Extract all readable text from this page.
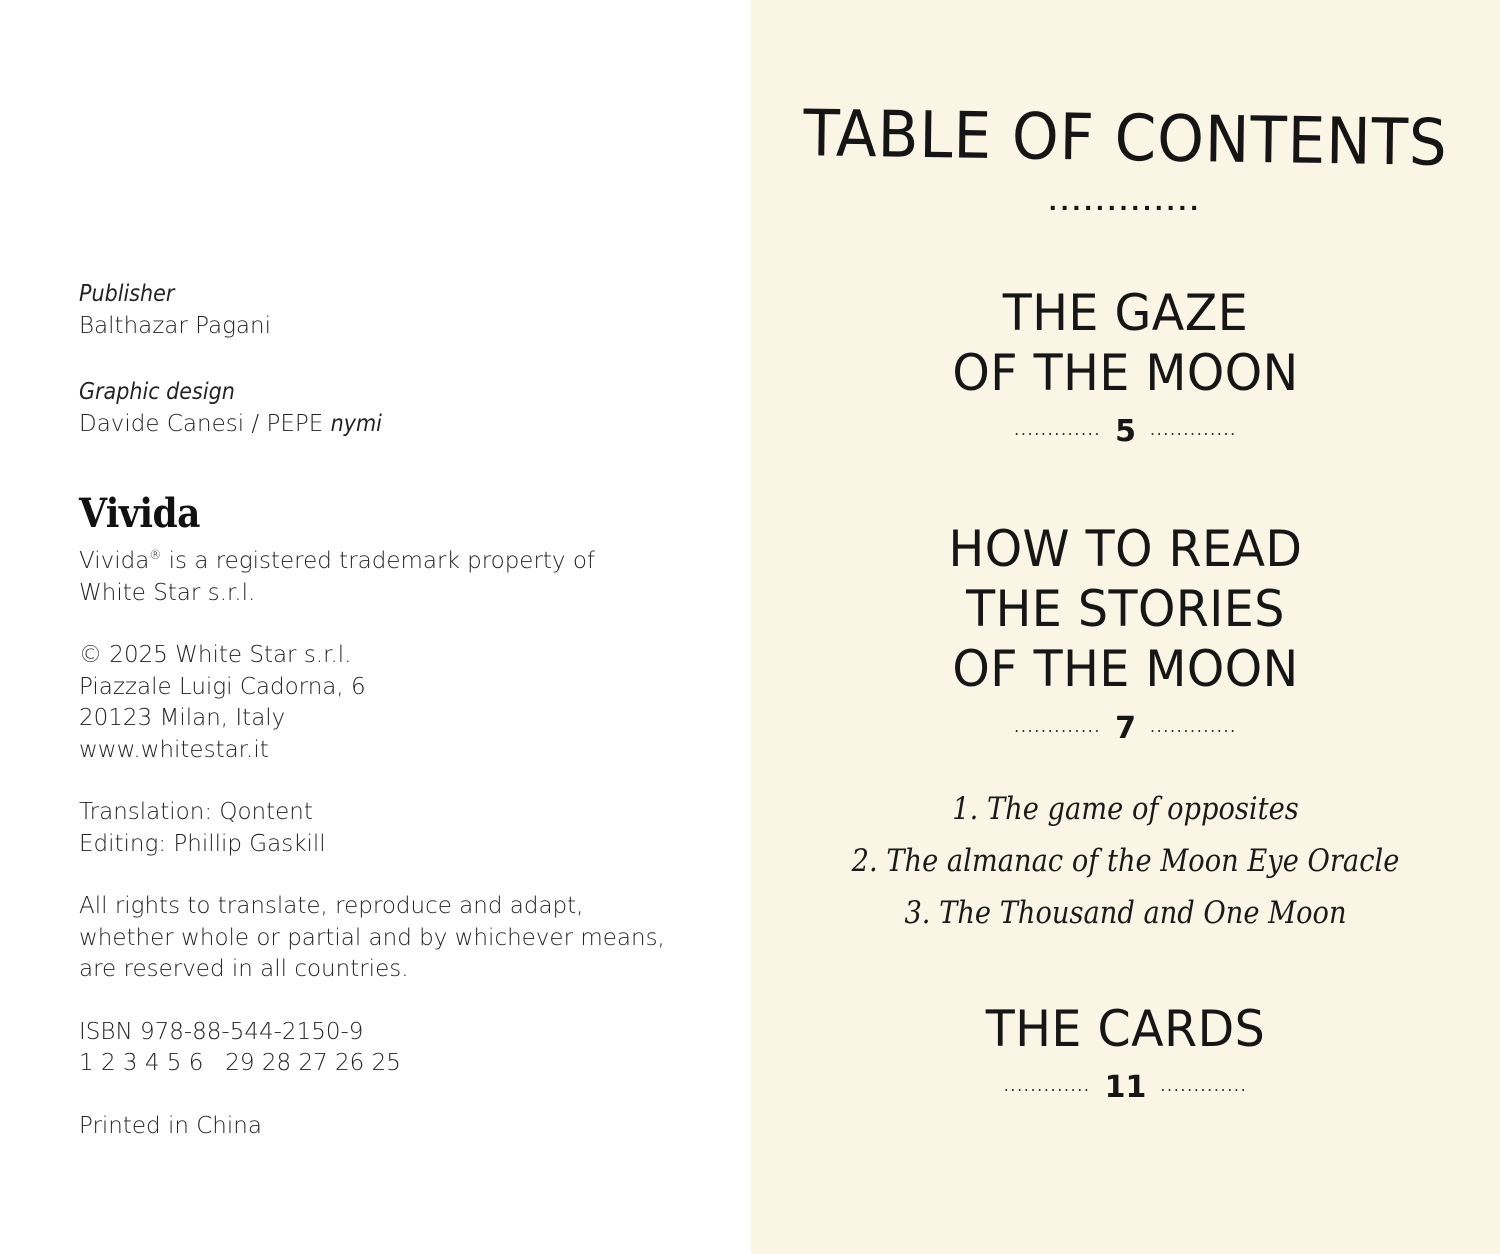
Publisher
Balthazar Pagani
Graphic design
Davide Canesi / PEPE nymi
Vivida
Vivida® is a registered trademark property of
White Star s.r.l.
© 2025 White Star s.r.l.
Piazzale Luigi Cadorna, 6
20123 Milan, Italy
www.whitestar.it
Translation: Qontent
Editing: Phillip Gaskill
All rights to translate, reproduce and adapt,
whether whole or partial and by whichever means,
are reserved in all countries.
ISBN 978-88-544-2150-9
1 2 3 4 5 6   29 28 27 26 25
Printed in China
TABLE OF CONTENTS
.............
THE GAZE
OF THE MOON
............. 5 .............
HOW TO READ
THE STORIES
OF THE MOON
............. 7 .............
1. The game of opposites
2. The almanac of the Moon Eye Oracle
3. The Thousand and One Moon
THE CARDS
............. 11 .............
